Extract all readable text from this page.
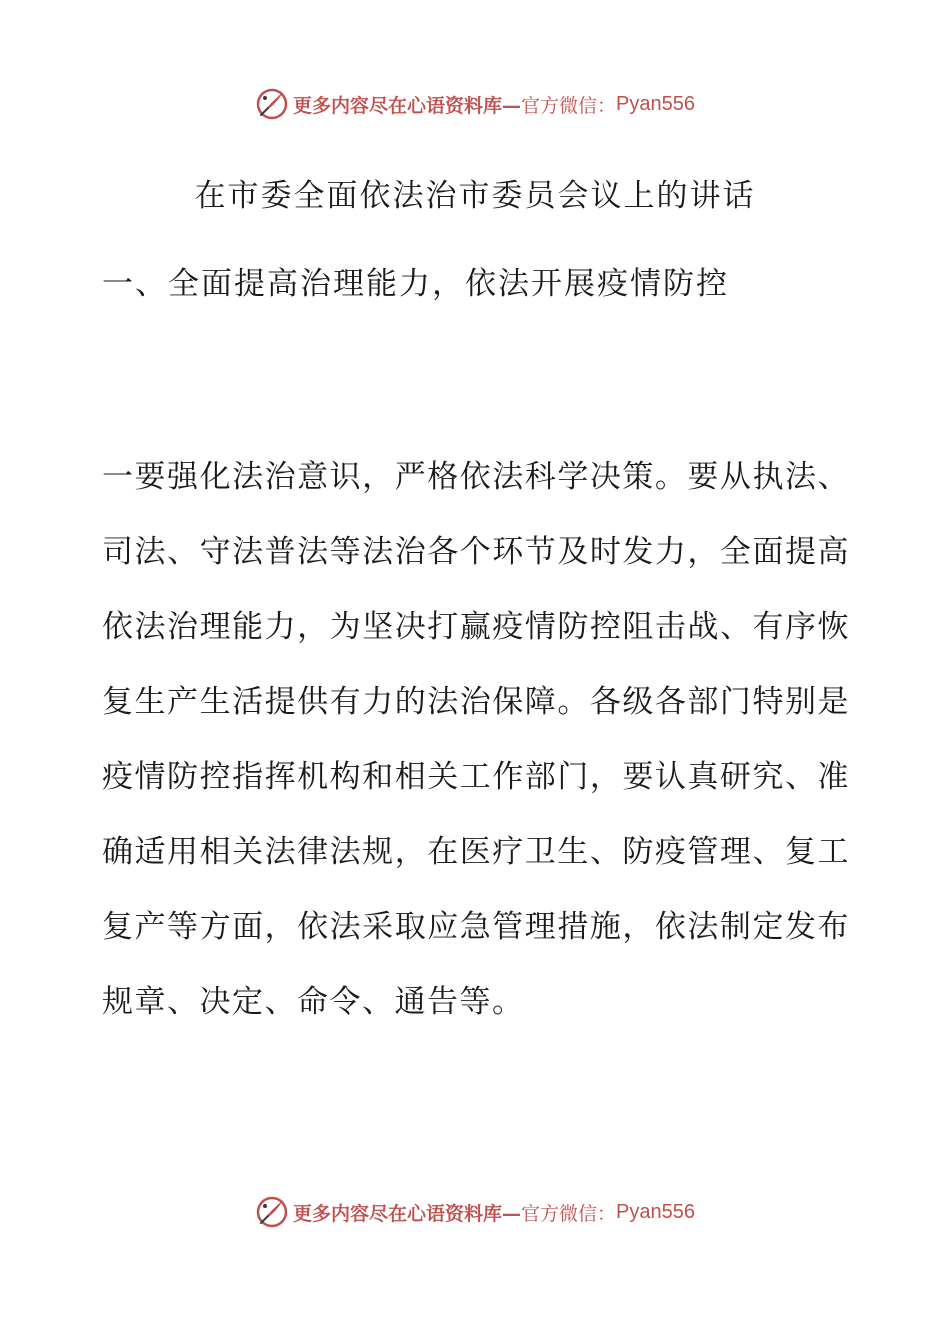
更多内容尽在心语资料库— 官方微信： Pyan556
在市委全面依法治市委员会议上的讲话
一、全面提高治理能力，依法开展疫情防控

一要强化法治意识，严格依法科学决策。要从执法、司法、守法普法等法治各个环节及时发力，全面提高依法治理能力，为坚决打赢疫情防控阻击战、有序恢复生产生活提供有力的法治保障。各级各部门特别是疫情防控指挥机构和相关工作部门，要认真研究、准确适用相关法律法规，在医疗卫生、防疫管理、复工复产等方面，依法采取应急管理措施，依法制定发布规章、决定、命令、通告等。

更多内容尽在心语资料库— 官方微信： Pyan556
